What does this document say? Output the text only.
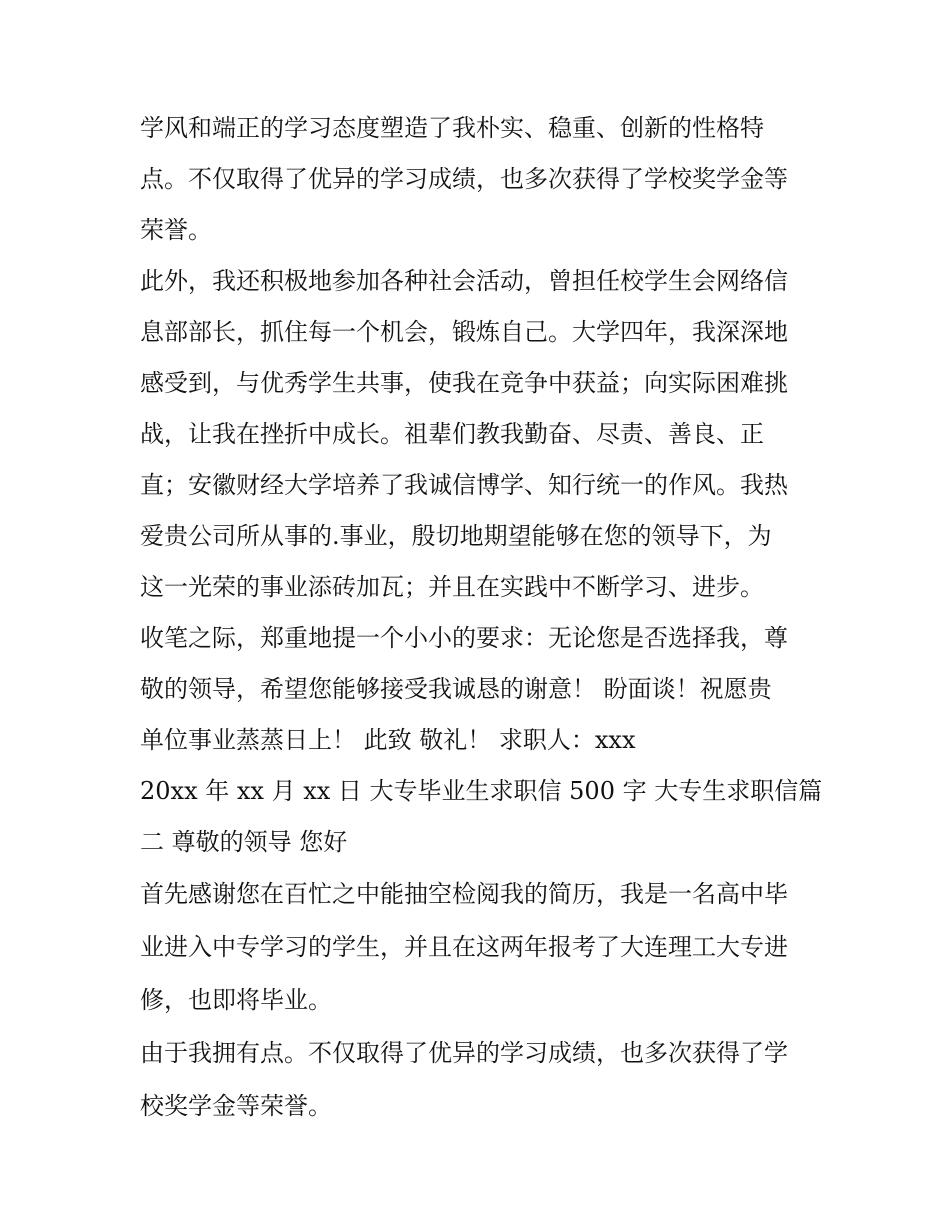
学风和端正的学习态度塑造了我朴实、稳重、创新的性格特

点。不仅取得了优异的学习成绩，也多次获得了学校奖学金等

荣誉。

此外，我还积极地参加各种社会活动，曾担任校学生会网络信

息部部长，抓住每一个机会，锻炼自己。大学四年，我深深地

感受到，与优秀学生共事，使我在竞争中获益；向实际困难挑

战，让我在挫折中成长。祖辈们教我勤奋、尽责、善良、正

直；安徽财经大学培养了我诚信博学、知行统一的作风。我热

爱贵公司所从事的.事业，殷切地期望能够在您的领导下，为

这一光荣的事业添砖加瓦；并且在实践中不断学习、进步。

收笔之际，郑重地提一个小小的要求：无论您是否选择我，尊

敬的领导，希望您能够接受我诚恳的谢意！ 盼面谈！祝愿贵

单位事业蒸蒸日上！ 此致 敬礼！ 求职人：xxx

20xx 年 xx 月 xx 日 大专毕业生求职信 500 字 大专生求职信篇

二 尊敬的领导 您好

首先感谢您在百忙之中能抽空检阅我的简历，我是一名高中毕

业进入中专学习的学生，并且在这两年报考了大连理工大专进

修，也即将毕业。

由于我拥有点。不仅取得了优异的学习成绩，也多次获得了学

校奖学金等荣誉。
